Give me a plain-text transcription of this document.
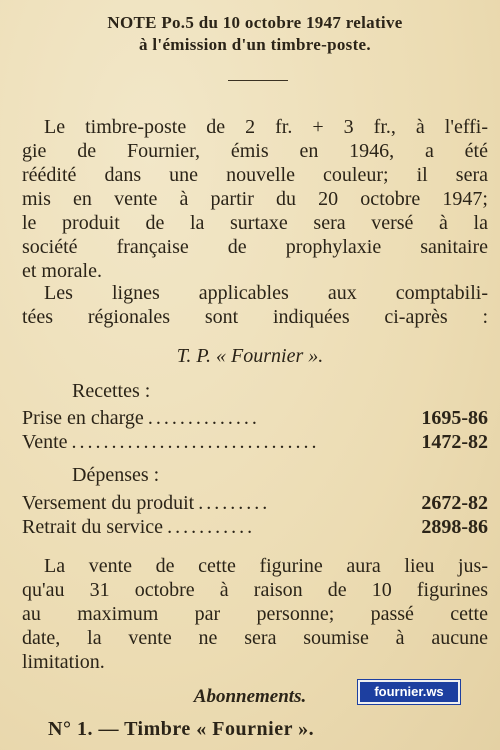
NOTE Po.5 du 10 octobre 1947 relative
à l'émission d'un timbre-poste.
Le timbre-poste de 2 fr. + 3 fr., à l'effi-
gie de Fournier, émis en 1946, a été
réédité dans une nouvelle couleur; il sera
mis en vente à partir du 20 octobre 1947;
le produit de la surtaxe sera versé à la
société française de prophylaxie sanitaire
et morale.
Les lignes applicables aux comptabili-
tées régionales sont indiquées ci-après :
T. P. « Fournier ».
Recettes :
Prise en charge ..............	1695-86
Vente ...............................	1472-82
Dépenses :
Versement du produit .........	2672-82
Retrait du service ...........	2898-86
La vente de cette figurine aura lieu jus-
qu'au 31 octobre à raison de 10 figurines
au maximum par personne; passé cette
date, la vente ne sera soumise à aucune
limitation.
Abonnements.	fournier.ws
N° 1. — Timbre « Fournier ».
